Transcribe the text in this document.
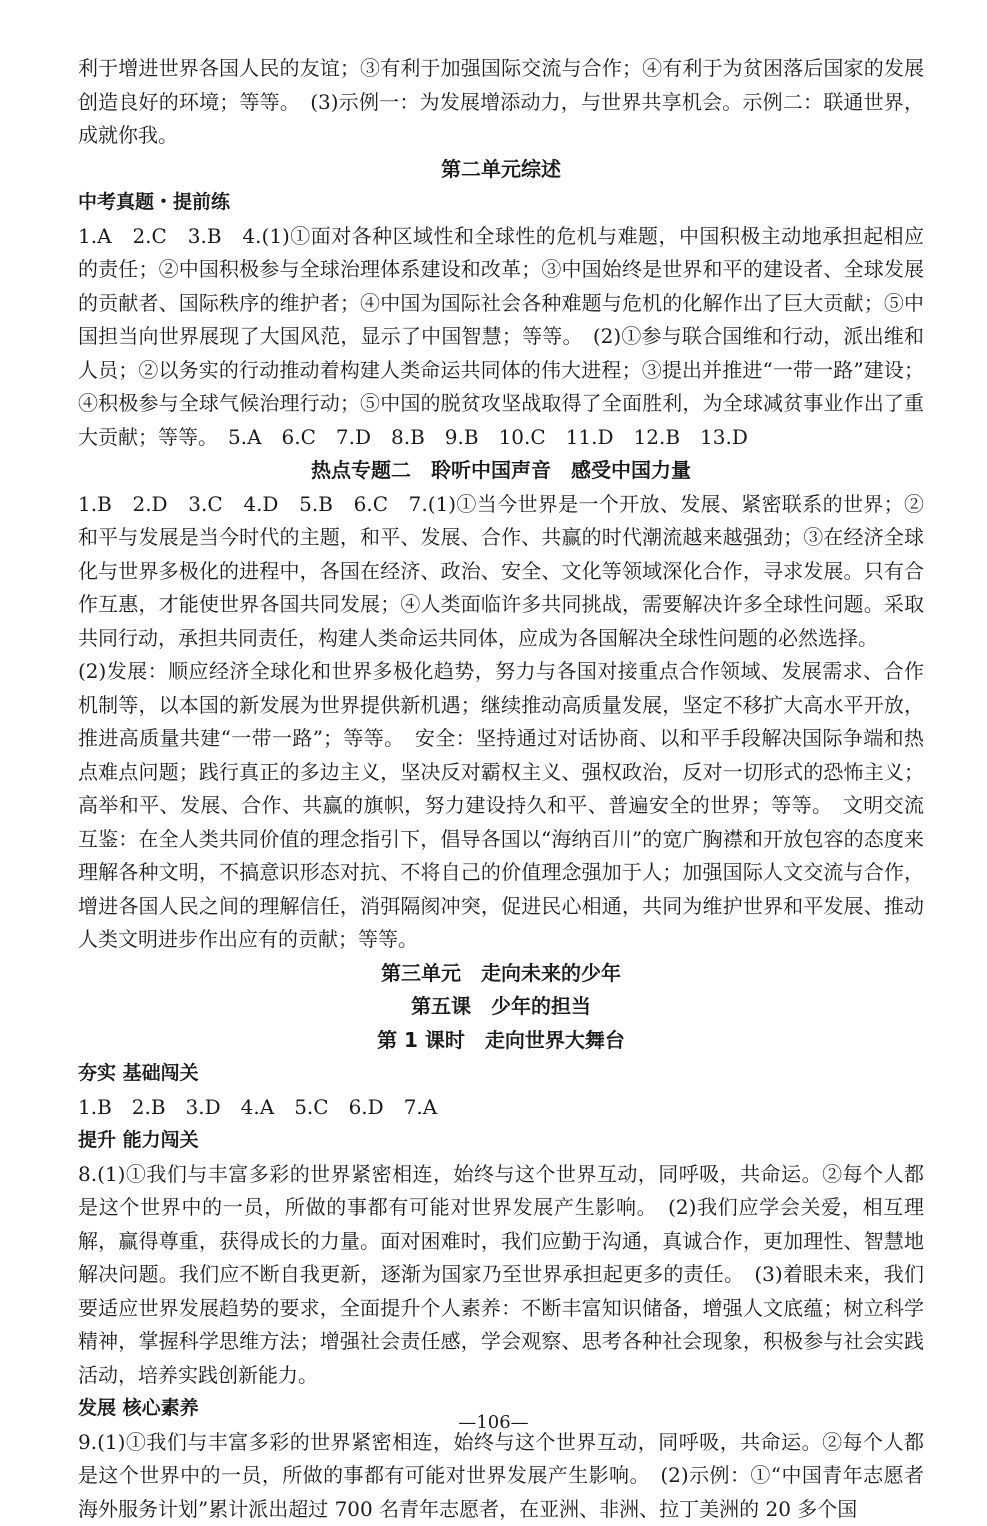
利于增进世界各国人民的友谊；③有利于加强国际交流与合作；④有利于为贫困落后国家的发展创造良好的环境；等等。　(3)示例一：为发展增添动力，与世界共享机会。示例二：联通世界，成就你我。

第二单元综述

中考真题・提前练

1.A　2.C　3.B　4.(1)①面对各种区域性和全球性的危机与难题，中国积极主动地承担起相应的责任；②中国积极参与全球治理体系建设和改革；③中国始终是世界和平的建设者、全球发展的贡献者、国际秩序的维护者；④中国为国际社会各种难题与危机的化解作出了巨大贡献；⑤中国担当向世界展现了大国风范，显示了中国智慧；等等。　(2)①参与联合国维和行动，派出维和人员；②以务实的行动推动着构建人类命运共同体的伟大进程；③提出并推进“一带一路”建设；④积极参与全球气候治理行动；⑤中国的脱贫攻坚战取得了全面胜利，为全球减贫事业作出了重大贡献；等等。　5.A　6.C　7.D　8.B　9.B　10.C　11.D　12.B　13.D

热点专题二　聆听中国声音　感受中国力量

1.B　2.D　3.C　4.D　5.B　6.C　7.(1)①当今世界是一个开放、发展、紧密联系的世界；②和平与发展是当今时代的主题，和平、发展、合作、共赢的时代潮流越来越强劲；③在经济全球化与世界多极化的进程中，各国在经济、政治、安全、文化等领域深化合作，寻求发展。只有合作互惠，才能使世界各国共同发展；④人类面临许多共同挑战，需要解决许多全球性问题。采取共同行动，承担共同责任，构建人类命运共同体，应成为各国解决全球性问题的必然选择。

(2)发展：顺应经济全球化和世界多极化趋势，努力与各国对接重点合作领域、发展需求、合作机制等，以本国的新发展为世界提供新机遇；继续推动高质量发展，坚定不移扩大高水平开放，推进高质量共建“一带一路”；等等。　安全：坚持通过对话协商、以和平手段解决国际争端和热点难点问题；践行真正的多边主义，坚决反对霸权主义、强权政治，反对一切形式的恐怖主义；高举和平、发展、合作、共赢的旗帜，努力建设持久和平、普遍安全的世界；等等。　文明交流互鉴：在全人类共同价值的理念指引下，倡导各国以“海纳百川”的宽广胸襟和开放包容的态度来理解各种文明，不搞意识形态对抗、不将自己的价值理念强加于人；加强国际人文交流与合作，增进各国人民之间的理解信任，消弭隔阂冲突，促进民心相通，共同为维护世界和平发展、推动人类文明进步作出应有的贡献；等等。

第三单元　走向未来的少年

第五课　少年的担当

第 1 课时　走向世界大舞台

夯实 基础闯关

1.B　2.B　3.D　4.A　5.C　6.D　7.A

提升 能力闯关

8.(1)①我们与丰富多彩的世界紧密相连，始终与这个世界互动，同呼吸，共命运。②每个人都是这个世界中的一员，所做的事都有可能对世界发展产生影响。　(2)我们应学会关爱，相互理解，赢得尊重，获得成长的力量。面对困难时，我们应勤于沟通，真诚合作，更加理性、智慧地解决问题。我们应不断自我更新，逐渐为国家乃至世界承担起更多的责任。　(3)着眼未来，我们要适应世界发展趋势的要求，全面提升个人素养：不断丰富知识储备，增强人文底蕴；树立科学精神，掌握科学思维方法；增强社会责任感，学会观察、思考各种社会现象，积极参与社会实践活动，培养实践创新能力。

发展 核心素养

9.(1)①我们与丰富多彩的世界紧密相连，始终与这个世界互动，同呼吸，共命运。②每个人都是这个世界中的一员，所做的事都有可能对世界发展产生影响。　(2)示例：①“中国青年志愿者海外服务计划”累计派出超过 700 名青年志愿者，在亚洲、非洲、拉丁美洲的 20 多个国

—106—
